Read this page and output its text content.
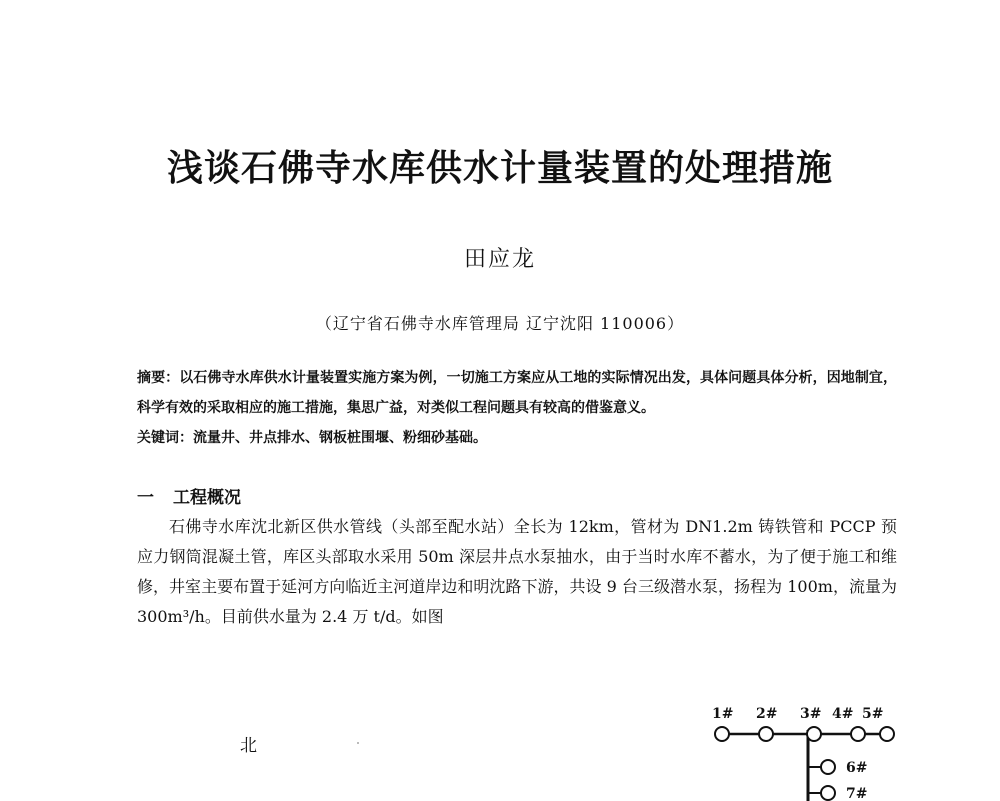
浅谈石佛寺水库供水计量装置的处理措施
田应龙
（辽宁省石佛寺水库管理局 辽宁沈阳 110006）
摘要：以石佛寺水库供水计量装置实施方案为例，一切施工方案应从工地的实际情况出发，具体问题具体分析，因地制宜，科学有效的采取相应的施工措施，集思广益，对类似工程问题具有较高的借鉴意义。
关键词：流量井、井点排水、钢板桩围堰、粉细砂基础。
一 工程概况
石佛寺水库沈北新区供水管线（头部至配水站）全长为 12km，管材为 DN1.2m 铸铁管和 PCCP 预应力钢筒混凝土管，库区头部取水采用 50m 深层井点水泵抽水，由于当时水库不蓄水，为了便于施工和维修，井室主要布置于延河方向临近主河道岸边和明沈路下游，共设 9 台三级潜水泵，扬程为 100m，流量为 300m³/h。目前供水量为 2.4 万 t/d。如图
北
1# 2# 3# 4# 5#
6#
7#
